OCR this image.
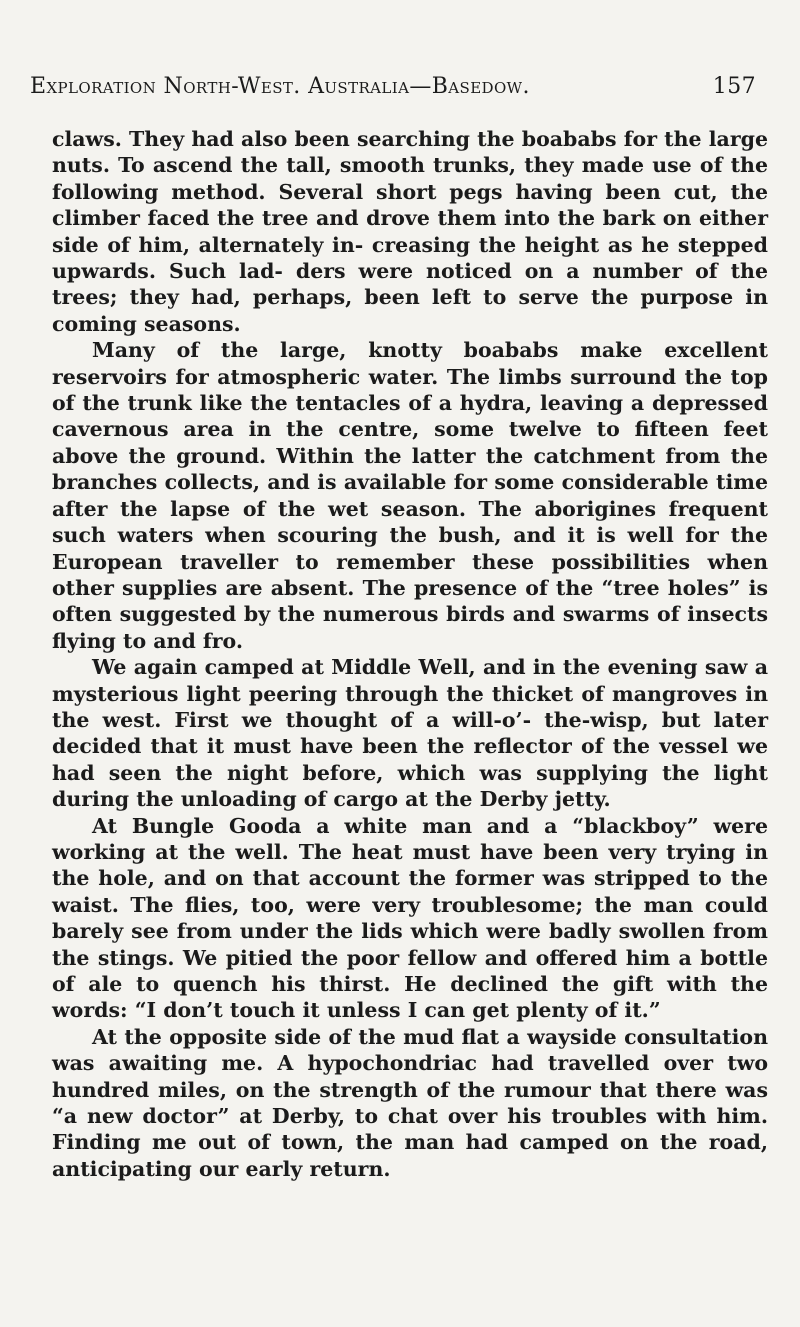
Exploration North-West. Australia—Basedow.	157

claws. They had also been searching the boababs for the large nuts. To ascend the tall, smooth trunks, they made use of the following method. Several short pegs having been cut, the climber faced the tree and drove them into the bark on either side of him, alternately in- creasing the height as he stepped upwards. Such lad- ders were noticed on a number of the trees; they had, perhaps, been left to serve the purpose in coming seasons.

Many of the large, knotty boababs make excellent reservoirs for atmospheric water. The limbs surround the top of the trunk like the tentacles of a hydra, leaving a depressed cavernous area in the centre, some twelve to fifteen feet above the ground. Within the latter the catchment from the branches collects, and is available for some considerable time after the lapse of the wet season. The aborigines frequent such waters when scouring the bush, and it is well for the European traveller to remember these possibilities when other supplies are absent. The presence of the “tree holes” is often suggested by the numerous birds and swarms of insects flying to and fro.

We again camped at Middle Well, and in the evening saw a mysterious light peering through the thicket of mangroves in the west. First we thought of a will-o’- the-wisp, but later decided that it must have been the reflector of the vessel we had seen the night before, which was supplying the light during the unloading of cargo at the Derby jetty.

At Bungle Gooda a white man and a “blackboy” were working at the well. The heat must have been very trying in the hole, and on that account the former was stripped to the waist. The flies, too, were very troublesome; the man could barely see from under the lids which were badly swollen from the stings. We pitied the poor fellow and offered him a bottle of ale to quench his thirst. He declined the gift with the words: “I don’t touch it unless I can get plenty of it.”

At the opposite side of the mud flat a wayside consultation was awaiting me. A hypochondriac had travelled over two hundred miles, on the strength of the rumour that there was “a new doctor” at Derby, to chat over his troubles with him. Finding me out of town, the man had camped on the road, anticipating our early return.
